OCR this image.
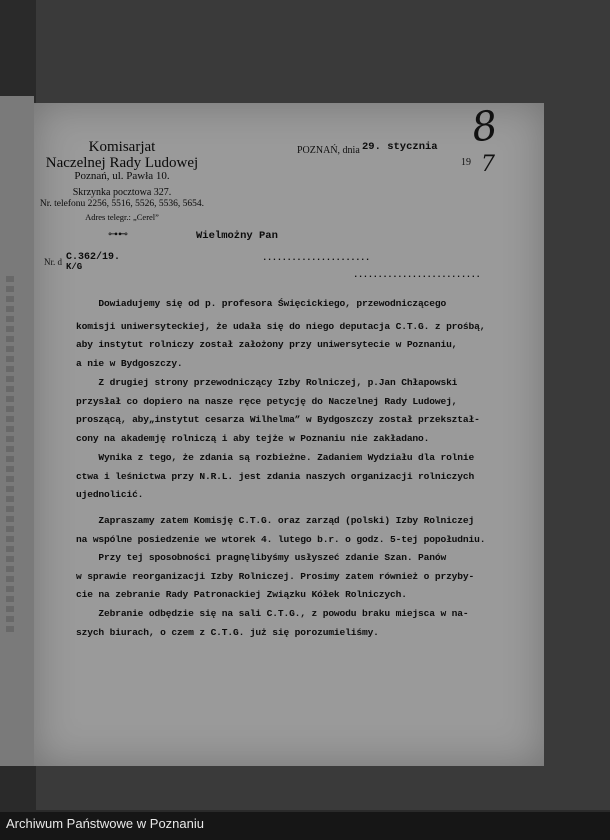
8
Komisarjat
Naczelnej Rady Ludowej
Poznań, ul. Pawła 10.
Skrzynka pocztowa 327.
Nr. telefonu 2256, 5516, 5526, 5536, 5654.
Adres telegr.: „Cerel”
⊶⊷
Nr. d C.362/19.
K/G
POZNAŃ, dnia 29. stycznia
19 7
Wielmożny Pan
......................
..........................
Dowiadujemy się od p. profesora Święcickiego, przewodniczącego
komisji uniwersyteckiej, że udała się do niego deputacja C.T.G. z prośbą,
aby instytut rolniczy został założony przy uniwersytecie w Poznaniu,
a nie w Bydgoszczy.
Z drugiej strony przewodniczący Izby Rolniczej, p.Jan Chłapowski
przysłał co dopiero na nasze ręce petycję do Naczelnej Rady Ludowej,
proszącą, aby„instytut cesarza Wilhelma” w Bydgoszczy został przekształ-
cony na akademję rolniczą i aby tejże w Poznaniu nie zakładano.
Wynika z tego, że zdania są rozbieżne. Zadaniem Wydziału dla rolnie
ctwa i leśnictwa przy N.R.L. jest zdania naszych organizacji rolniczych
ujednolicić.
Zapraszamy zatem Komisję C.T.G. oraz zarząd (polski) Izby Rolniczej
na wspólne posiedzenie we wtorek 4. lutego b.r. o godz. 5-tej popołudniu.
Przy tej sposobności pragnęlibyśmy usłyszeć zdanie Szan. Panów
w sprawie reorganizacji Izby Rolniczej. Prosimy zatem również o przyby-
cie na zebranie Rady Patronackiej Związku Kółek Rolniczych.
Zebranie odbędzie się na sali C.T.G., z powodu braku miejsca w na-
szych biurach, o czem z C.T.G. już się porozumieliśmy.
Archiwum Państwowe w Poznaniu
